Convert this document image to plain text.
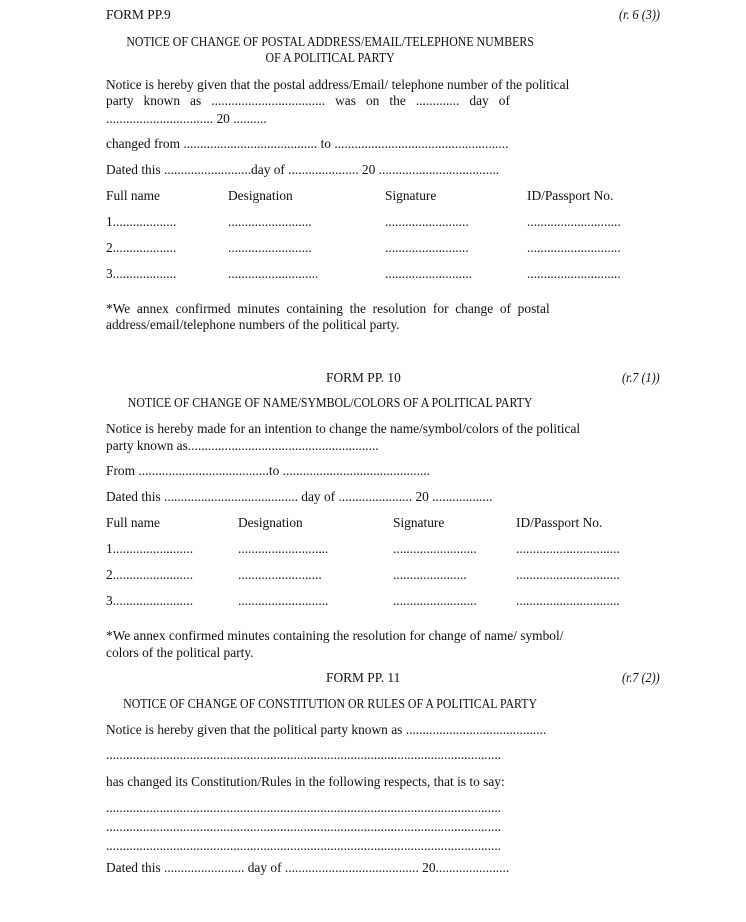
FORM PP.9	(r. 6 (3))
NOTICE OF CHANGE OF POSTAL ADDRESS/EMAIL/TELEPHONE NUMBERS
OF A POLITICAL PARTY
Notice is hereby given that the postal address/Email/ telephone number of the political
party   known   as   ..................................   was   on   the   .............   day   of
................................ 20 ..........
changed from ........................................ to ....................................................
Dated this ..........................day of ..................... 20 ....................................
Full name	Designation	Signature	ID/Passport No.
1...................	.........................	.........................	............................
2...................	.........................	.........................	............................
3...................	...........................	..........................	............................
*We  annex  confirmed  minutes  containing  the  resolution  for  change  of  postal
address/email/telephone numbers of the political party.
FORM PP. 10	(r.7 (1))
NOTICE OF CHANGE OF NAME/SYMBOL/COLORS OF A POLITICAL PARTY
Notice is hereby made for an intention to change the name/symbol/colors of the political
party known as.........................................................
From .......................................to ............................................
Dated this ........................................ day of ...................... 20 ..................
Full name	Designation	Signature	ID/Passport No.
1........................	...........................	.........................	...............................
2........................	.........................	......................	...............................
3........................	...........................	.........................	...............................
*We annex confirmed minutes containing the resolution for change of name/ symbol/
colors of the political party.
FORM PP. 11	(r.7 (2))
NOTICE OF CHANGE OF CONSTITUTION OR RULES OF A POLITICAL PARTY
Notice is hereby given that the political party known as ..........................................
......................................................................................................................
has changed its Constitution/Rules in the following respects, that is to say:
......................................................................................................................
......................................................................................................................
......................................................................................................................
Dated this ........................ day of ........................................ 20......................
